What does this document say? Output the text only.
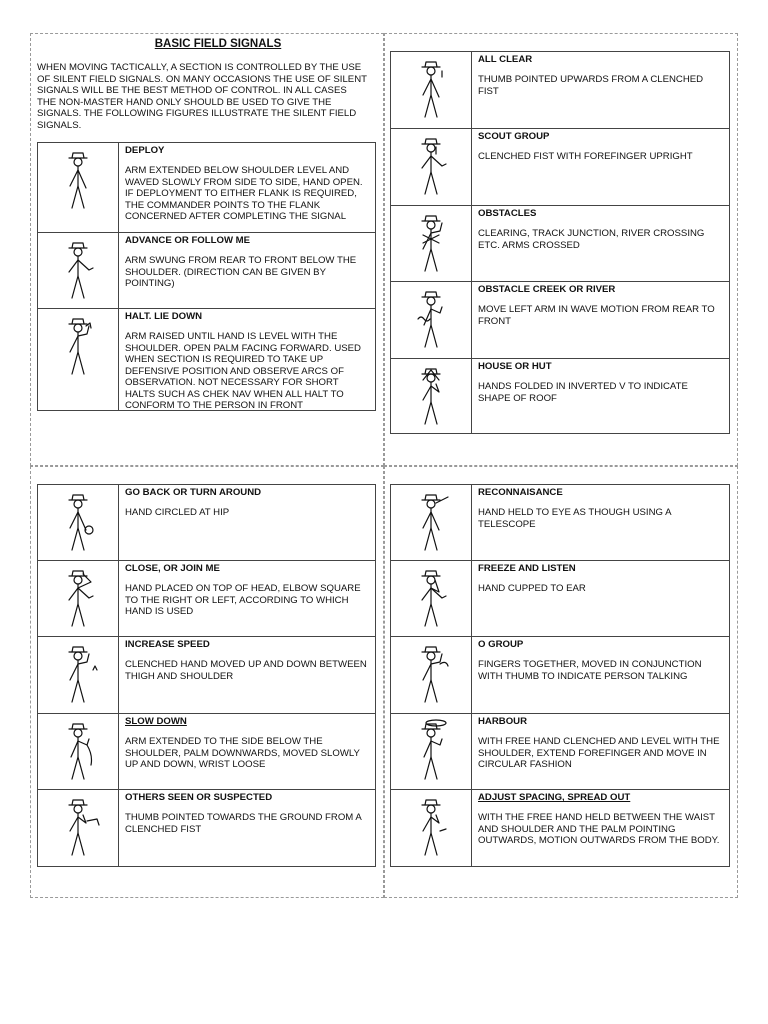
BASIC FIELD SIGNALS
WHEN MOVING TACTICALLY, A SECTION IS CONTROLLED BY THE USE OF SILENT FIELD SIGNALS. ON MANY OCCASIONS THE USE OF SILENT SIGNALS WILL BE THE BEST METHOD OF CONTROL. IN ALL CASES THE NON-MASTER HAND ONLY SHOULD BE USED TO GIVE THE SIGNALS. THE FOLLOWING FIGURES ILLUSTRATE THE SILENT FIELD SIGNALS.
DEPLOY
ARM EXTENDED BELOW SHOULDER LEVEL AND WAVED SLOWLY FROM SIDE TO SIDE, HAND OPEN. IF DEPLOYMENT TO EITHER FLANK IS REQUIRED, THE COMMANDER POINTS TO THE FLANK CONCERNED AFTER COMPLETING THE SIGNAL
ADVANCE OR FOLLOW ME
ARM SWUNG FROM REAR TO FRONT BELOW THE SHOULDER. (DIRECTION CAN BE GIVEN BY POINTING)
HALT. LIE DOWN
ARM RAISED UNTIL HAND IS LEVEL WITH THE SHOULDER. OPEN PALM FACING FORWARD. USED WHEN SECTION IS REQUIRED TO TAKE UP DEFENSIVE POSITION AND OBSERVE ARCS OF OBSERVATION. NOT NECESSARY FOR SHORT HALTS SUCH AS CHEK NAV WHEN ALL HALT TO CONFORM TO THE PERSON IN FRONT
ALL CLEAR
THUMB POINTED UPWARDS FROM A CLENCHED FIST
SCOUT GROUP
CLENCHED FIST WITH FOREFINGER UPRIGHT
OBSTACLES
CLEARING, TRACK JUNCTION, RIVER CROSSING ETC. ARMS CROSSED
OBSTACLE CREEK OR RIVER
MOVE LEFT ARM IN WAVE MOTION FROM REAR TO FRONT
HOUSE OR HUT
HANDS FOLDED IN INVERTED V TO INDICATE SHAPE OF ROOF
GO BACK OR TURN AROUND
HAND CIRCLED AT HIP
CLOSE, OR JOIN ME
HAND PLACED ON TOP OF HEAD, ELBOW SQUARE TO THE RIGHT OR LEFT, ACCORDING TO WHICH HAND IS USED
INCREASE SPEED
CLENCHED HAND MOVED UP AND DOWN BETWEEN THIGH AND SHOULDER
SLOW DOWN
ARM EXTENDED TO THE SIDE BELOW THE SHOULDER, PALM DOWNWARDS, MOVED SLOWLY UP AND DOWN, WRIST LOOSE
OTHERS SEEN OR SUSPECTED
THUMB POINTED TOWARDS THE GROUND FROM A CLENCHED FIST
RECONNAISANCE
HAND HELD TO EYE AS THOUGH USING A TELESCOPE
FREEZE AND LISTEN
HAND CUPPED TO EAR
O GROUP
FINGERS TOGETHER, MOVED IN CONJUNCTION WITH THUMB TO INDICATE PERSON TALKING
HARBOUR
WITH FREE HAND CLENCHED AND LEVEL WITH THE SHOULDER, EXTEND FOREFINGER AND MOVE IN CIRCULAR FASHION
ADJUST SPACING, SPREAD OUT
WITH THE FREE HAND HELD BETWEEN THE WAIST AND SHOULDER AND THE PALM POINTING OUTWARDS, MOTION OUTWARDS FROM THE BODY.
